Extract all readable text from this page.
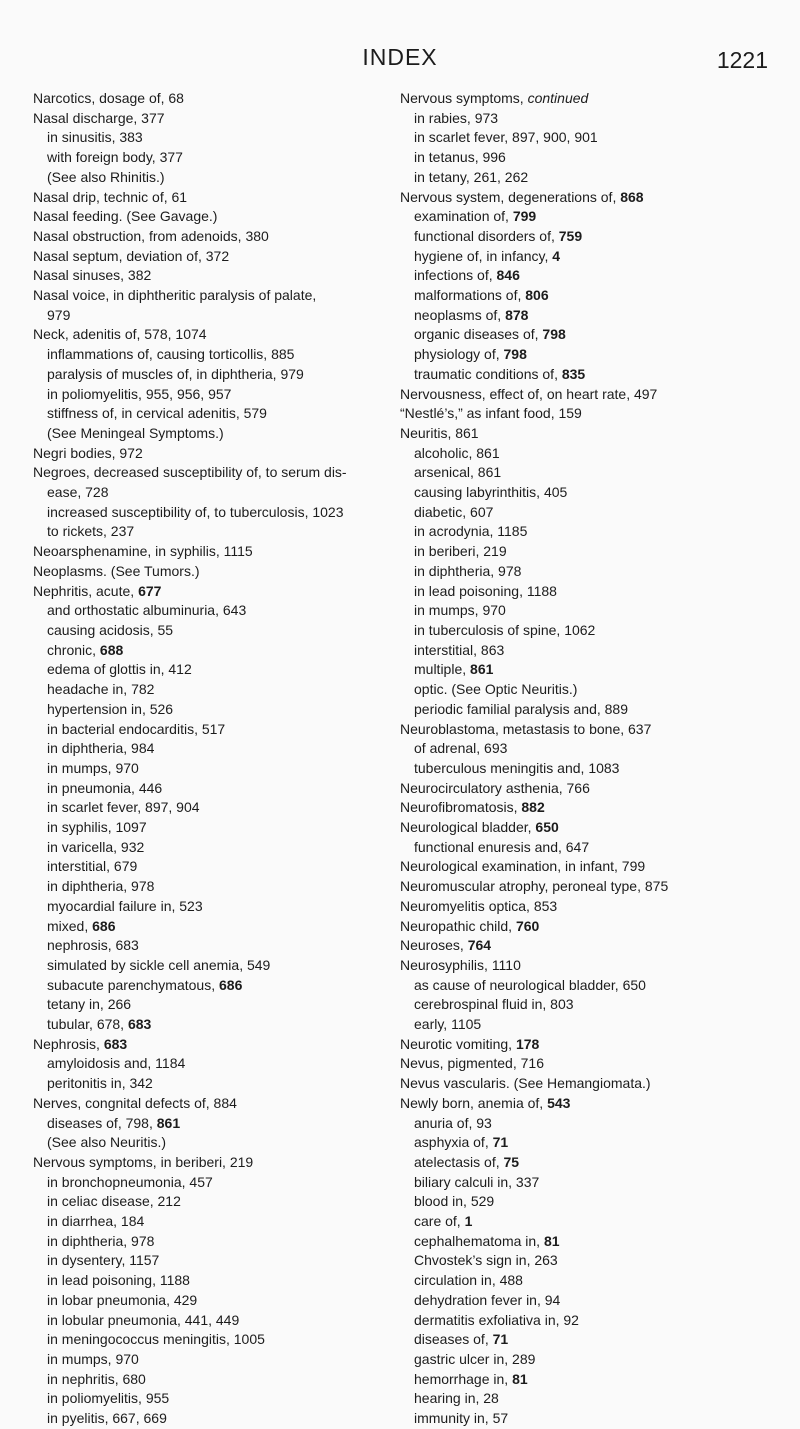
INDEX	1221
Narcotics, dosage of, 68
Nasal discharge, 377
in sinusitis, 383
with foreign body, 377
(See also Rhinitis.)
Nasal drip, technic of, 61
Nasal feeding. (See Gavage.)
Nasal obstruction, from adenoids, 380
Nasal septum, deviation of, 372
Nasal sinuses, 382
Nasal voice, in diphtheritic paralysis of palate,
979
Neck, adenitis of, 578, 1074
inflammations of, causing torticollis, 885
paralysis of muscles of, in diphtheria, 979
in poliomyelitis, 955, 956, 957
stiffness of, in cervical adenitis, 579
(See Meningeal Symptoms.)
Negri bodies, 972
Negroes, decreased susceptibility of, to serum dis-
ease, 728
increased susceptibility of, to tuberculosis, 1023
to rickets, 237
Neoarsphenamine, in syphilis, 1115
Neoplasms. (See Tumors.)
Nephritis, acute, 677
and orthostatic albuminuria, 643
causing acidosis, 55
chronic, 688
edema of glottis in, 412
headache in, 782
hypertension in, 526
in bacterial endocarditis, 517
in diphtheria, 984
in mumps, 970
in pneumonia, 446
in scarlet fever, 897, 904
in syphilis, 1097
in varicella, 932
interstitial, 679
in diphtheria, 978
myocardial failure in, 523
mixed, 686
nephrosis, 683
simulated by sickle cell anemia, 549
subacute parenchymatous, 686
tetany in, 266
tubular, 678, 683
Nephrosis, 683
amyloidosis and, 1184
peritonitis in, 342
Nerves, congnital defects of, 884
diseases of, 798, 861
(See also Neuritis.)
Nervous symptoms, in beriberi, 219
in bronchopneumonia, 457
in celiac disease, 212
in diarrhea, 184
in diphtheria, 978
in dysentery, 1157
in lead poisoning, 1188
in lobar pneumonia, 429
in lobular pneumonia, 441, 449
in meningococcus meningitis, 1005
in mumps, 970
in nephritis, 680
in poliomyelitis, 955
in pyelitis, 667, 669
Nervous symptoms, continued
in rabies, 973
in scarlet fever, 897, 900, 901
in tetanus, 996
in tetany, 261, 262
Nervous system, degenerations of, 868
examination of, 799
functional disorders of, 759
hygiene of, in infancy, 4
infections of, 846
malformations of, 806
neoplasms of, 878
organic diseases of, 798
physiology of, 798
traumatic conditions of, 835
Nervousness, effect of, on heart rate, 497
“Nestlé’s,” as infant food, 159
Neuritis, 861
alcoholic, 861
arsenical, 861
causing labyrinthitis, 405
diabetic, 607
in acrodynia, 1185
in beriberi, 219
in diphtheria, 978
in lead poisoning, 1188
in mumps, 970
in tuberculosis of spine, 1062
interstitial, 863
multiple, 861
optic. (See Optic Neuritis.)
periodic familial paralysis and, 889
Neuroblastoma, metastasis to bone, 637
of adrenal, 693
tuberculous meningitis and, 1083
Neurocirculatory asthenia, 766
Neurofibromatosis, 882
Neurological bladder, 650
functional enuresis and, 647
Neurological examination, in infant, 799
Neuromuscular atrophy, peroneal type, 875
Neuromyelitis optica, 853
Neuropathic child, 760
Neuroses, 764
Neurosyphilis, 1110
as cause of neurological bladder, 650
cerebrospinal fluid in, 803
early, 1105
Neurotic vomiting, 178
Nevus, pigmented, 716
Nevus vascularis. (See Hemangiomata.)
Newly born, anemia of, 543
anuria of, 93
asphyxia of, 71
atelectasis of, 75
biliary calculi in, 337
blood in, 529
care of, 1
cephalhematoma in, 81
Chvostek’s sign in, 263
circulation in, 488
dehydration fever in, 94
dermatitis exfoliativa in, 92
diseases of, 71
gastric ulcer in, 289
hemorrhage in, 81
hearing in, 28
immunity in, 57
